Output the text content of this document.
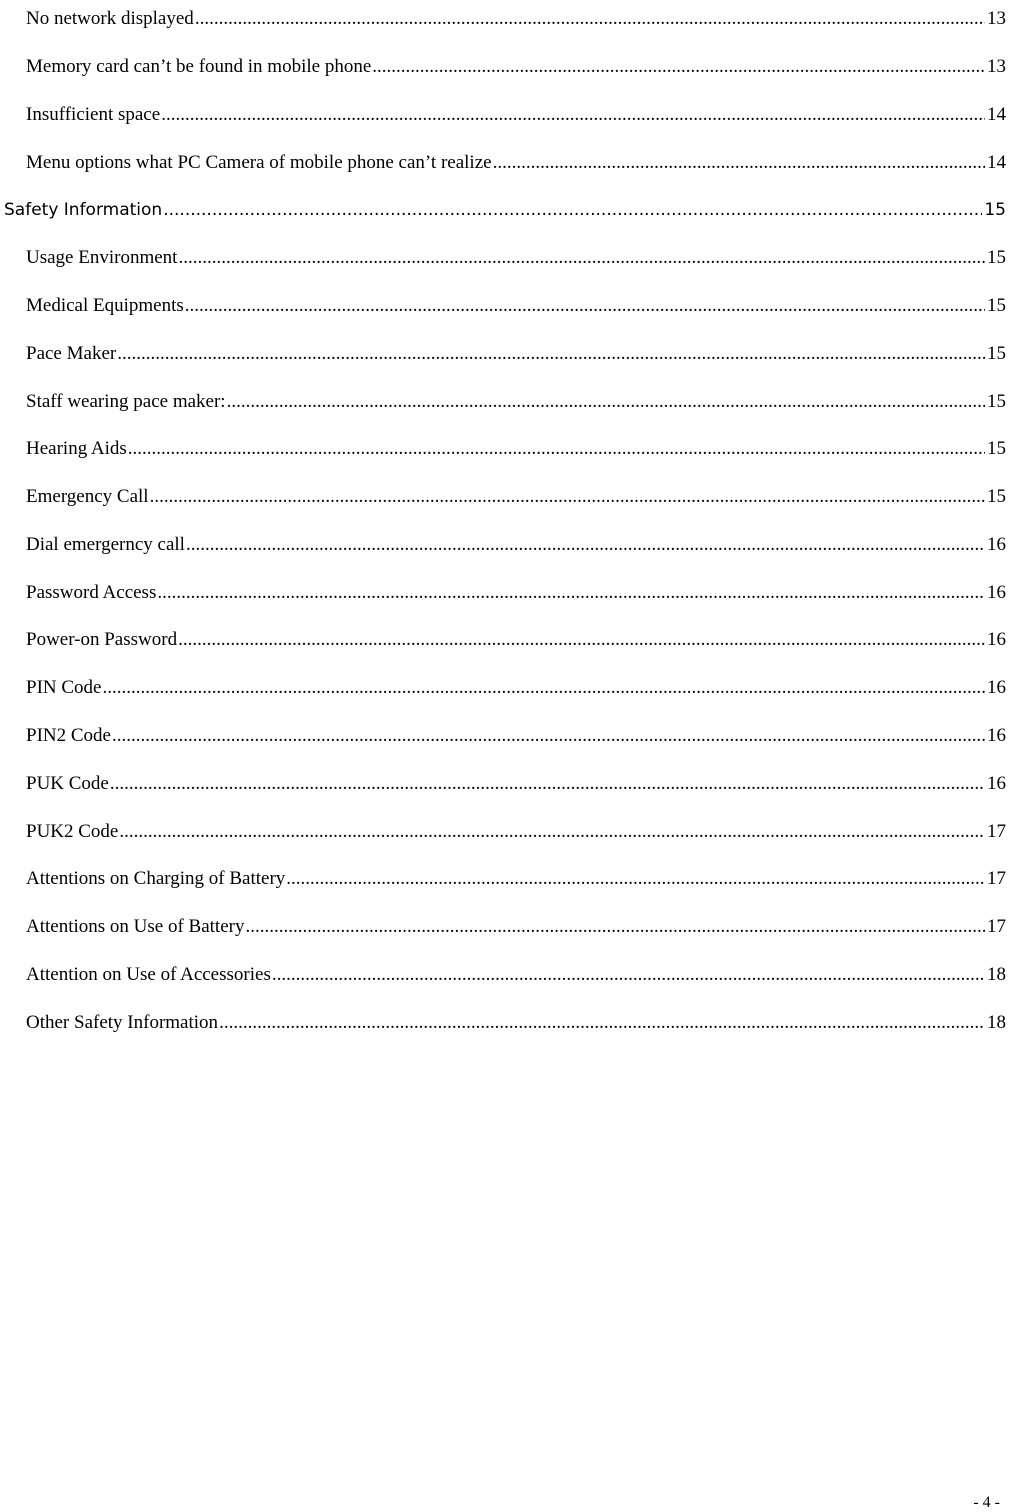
No network displayed .....	13
Memory card can’t be found in mobile phone .....	13
Insufficient space .....	14
Menu options what PC Camera of mobile phone can’t realize .....	14
Safety Information .....	15
Usage Environment .....	15
Medical Equipments .....	15
Pace Maker .....	15
Staff wearing pace maker: .....	15
Hearing Aids .....	15
Emergency Call .....	15
Dial emergerncy call .....	16
Password Access .....	16
Power-on Password .....	16
PIN Code .....	16
PIN2 Code .....	16
PUK Code .....	16
PUK2 Code .....	17
Attentions on Charging of Battery .....	17
Attentions on Use of Battery .....	17
Attention on Use of Accessories .....	18
Other Safety Information .....	18
- 4 -
